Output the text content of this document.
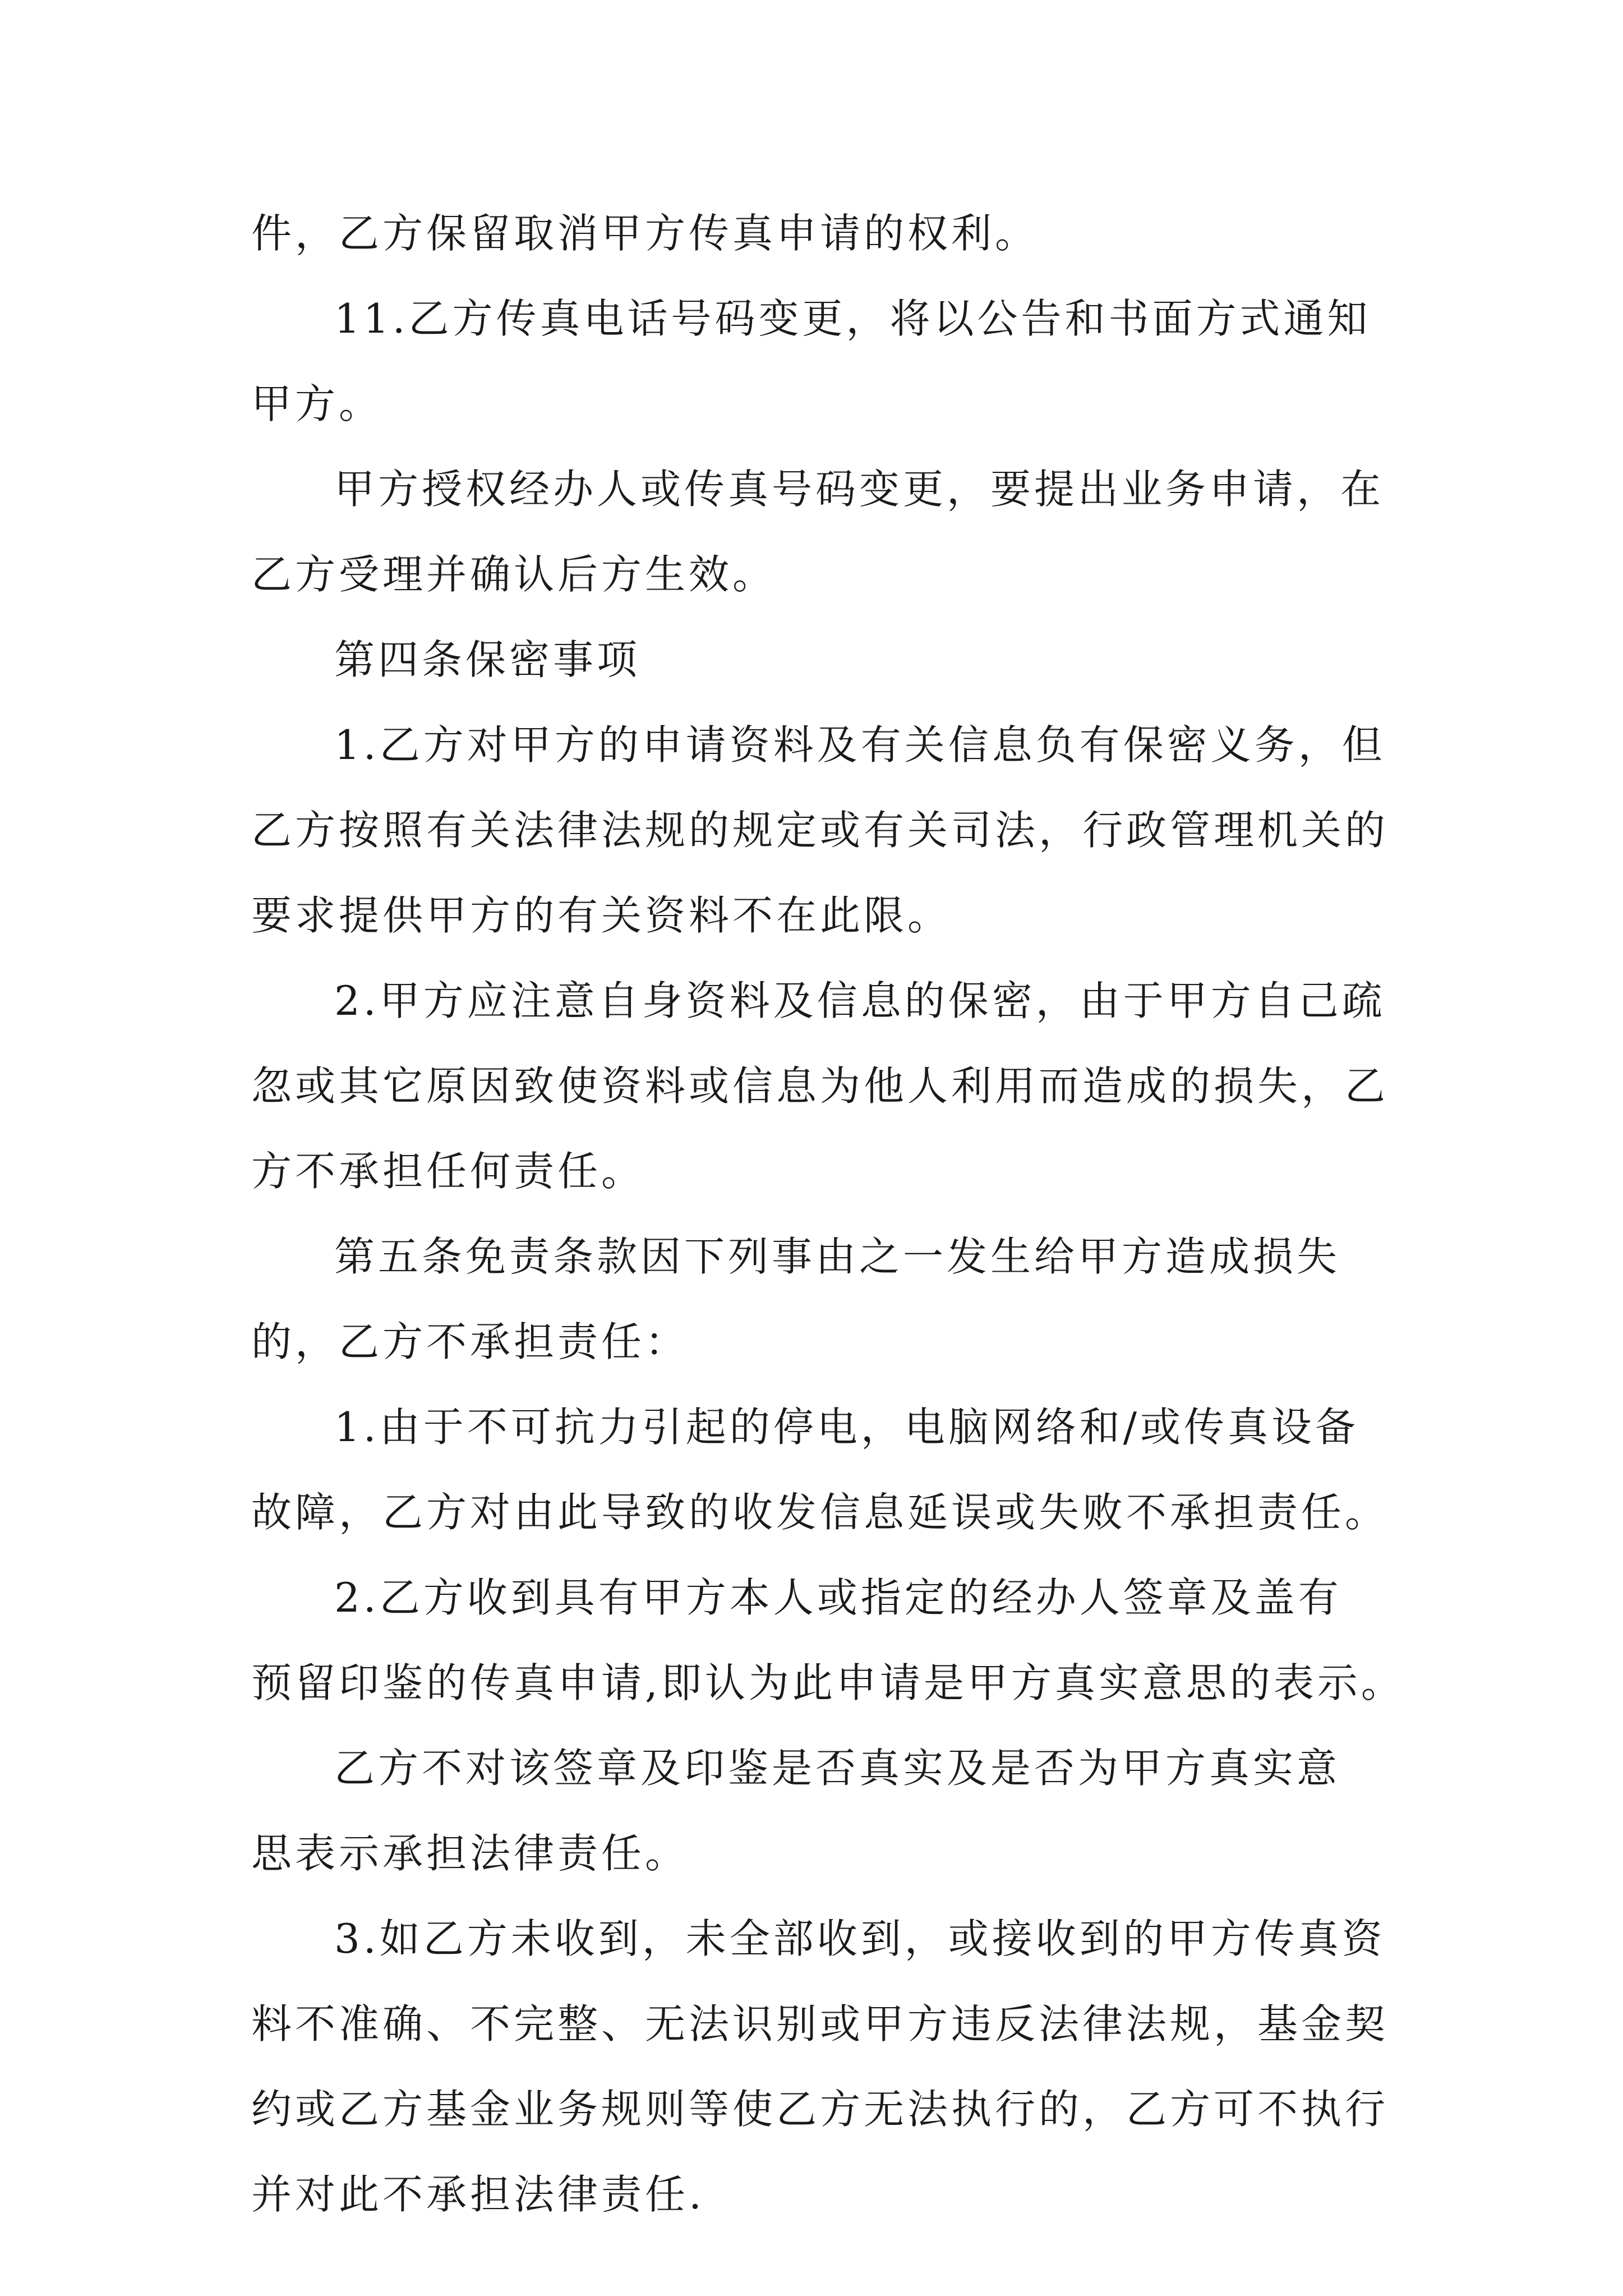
件，乙方保留取消甲方传真申请的权利。
11.乙方传真电话号码变更，将以公告和书面方式通知
甲方。
甲方授权经办人或传真号码变更，要提出业务申请，在
乙方受理并确认后方生效。
第四条保密事项
1.乙方对甲方的申请资料及有关信息负有保密义务，但
乙方按照有关法律法规的规定或有关司法，行政管理机关的
要求提供甲方的有关资料不在此限。
2.甲方应注意自身资料及信息的保密，由于甲方自己疏
忽或其它原因致使资料或信息为他人利用而造成的损失，乙
方不承担任何责任。
第五条免责条款因下列事由之一发生给甲方造成损失
的，乙方不承担责任：
1.由于不可抗力引起的停电，电脑网络和/或传真设备
故障，乙方对由此导致的收发信息延误或失败不承担责任。
2.乙方收到具有甲方本人或指定的经办人签章及盖有
预留印鉴的传真申请,即认为此申请是甲方真实意思的表示。
乙方不对该签章及印鉴是否真实及是否为甲方真实意
思表示承担法律责任。
3.如乙方未收到，未全部收到，或接收到的甲方传真资
料不准确、不完整、无法识别或甲方违反法律法规，基金契
约或乙方基金业务规则等使乙方无法执行的，乙方可不执行
并对此不承担法律责任.
